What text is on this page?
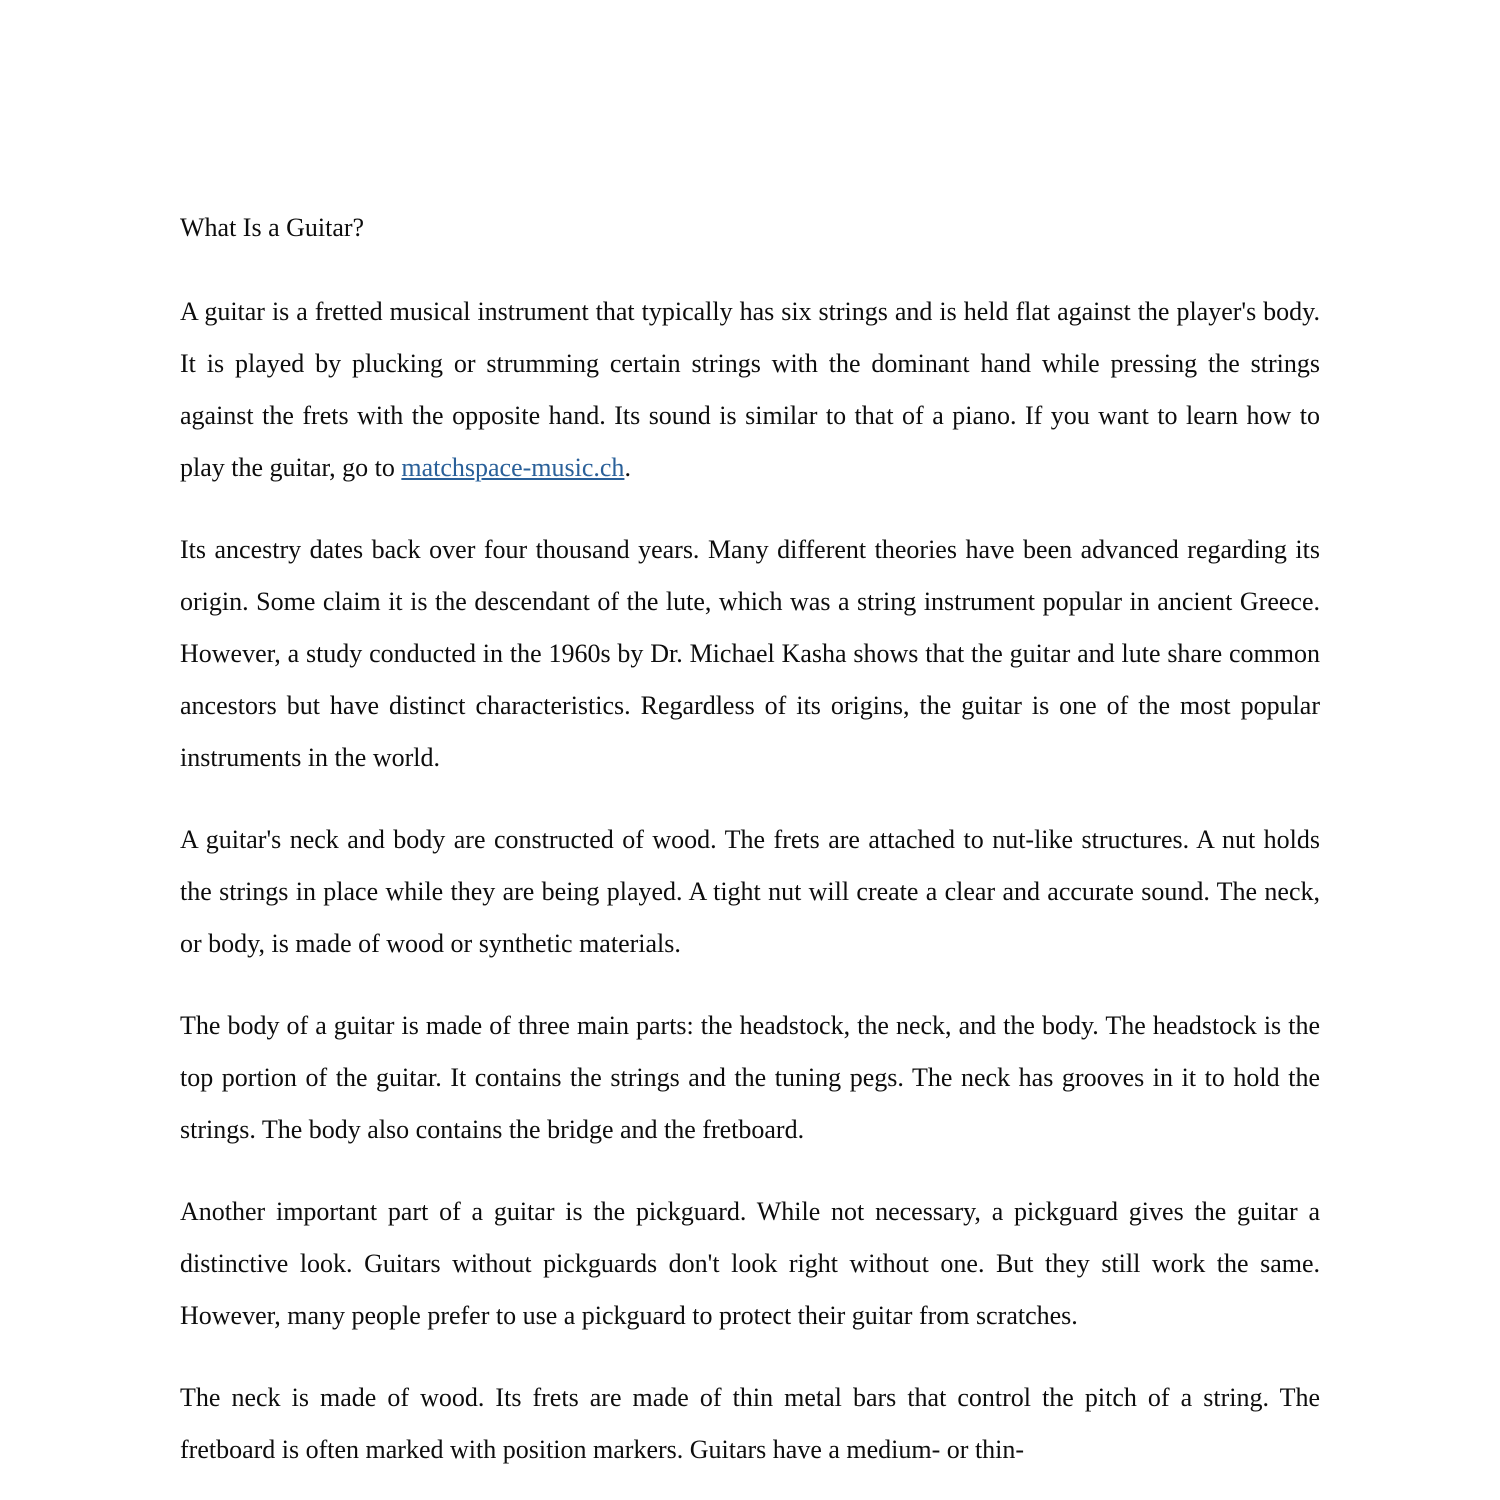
What Is a Guitar?

A guitar is a fretted musical instrument that typically has six strings and is held flat against the player's body. It is played by plucking or strumming certain strings with the dominant hand while pressing the strings against the frets with the opposite hand. Its sound is similar to that of a piano. If you want to learn how to play the guitar, go to matchspace-music.ch.

Its ancestry dates back over four thousand years. Many different theories have been advanced regarding its origin. Some claim it is the descendant of the lute, which was a string instrument popular in ancient Greece. However, a study conducted in the 1960s by Dr. Michael Kasha shows that the guitar and lute share common ancestors but have distinct characteristics. Regardless of its origins, the guitar is one of the most popular instruments in the world.

A guitar's neck and body are constructed of wood. The frets are attached to nut-like structures. A nut holds the strings in place while they are being played. A tight nut will create a clear and accurate sound. The neck, or body, is made of wood or synthetic materials.

The body of a guitar is made of three main parts: the headstock, the neck, and the body. The headstock is the top portion of the guitar. It contains the strings and the tuning pegs. The neck has grooves in it to hold the strings. The body also contains the bridge and the fretboard.

Another important part of a guitar is the pickguard. While not necessary, a pickguard gives the guitar a distinctive look. Guitars without pickguards don't look right without one. But they still work the same. However, many people prefer to use a pickguard to protect their guitar from scratches.

The neck is made of wood. Its frets are made of thin metal bars that control the pitch of a string. The fretboard is often marked with position markers. Guitars have a medium- or thin-
